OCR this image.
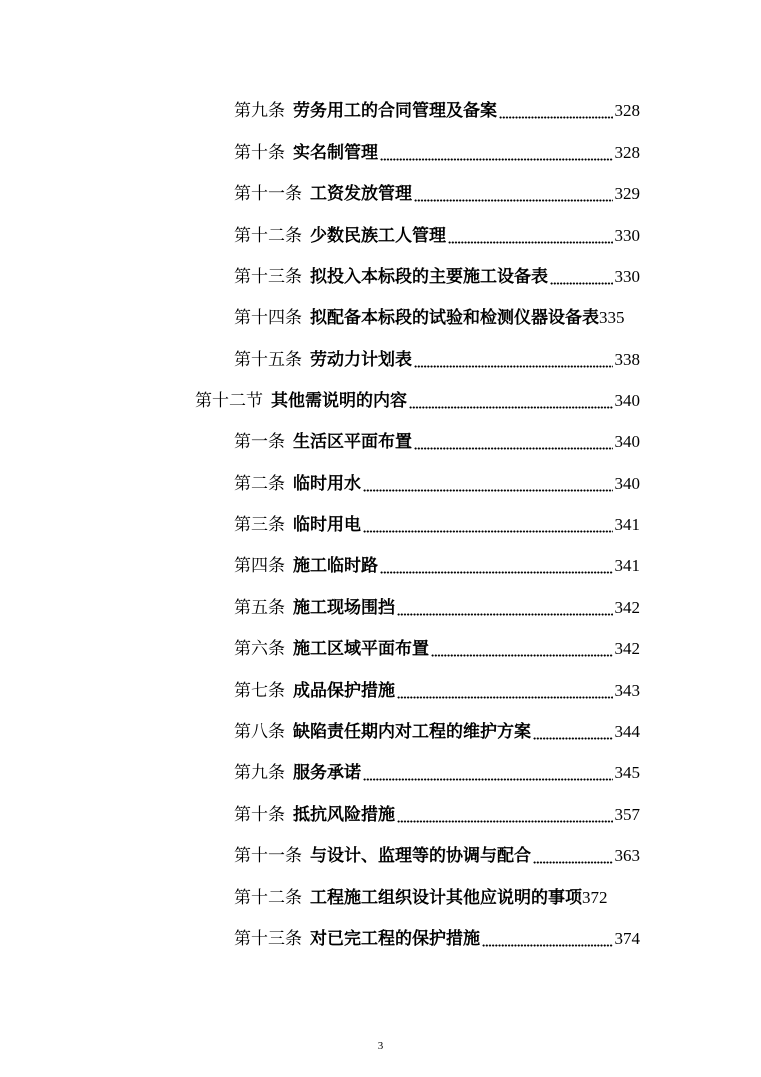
第九条 劳务用工的合同管理及备案	328
第十条 实名制管理	328
第十一条 工资发放管理	329
第十二条 少数民族工人管理	330
第十三条 拟投入本标段的主要施工设备表	330
第十四条 拟配备本标段的试验和检测仪器设备表 335
第十五条 劳动力计划表	338
第十二节 其他需说明的内容	340
第一条 生活区平面布置	340
第二条 临时用水	340
第三条 临时用电	341
第四条 施工临时路	341
第五条 施工现场围挡	342
第六条 施工区域平面布置	342
第七条 成品保护措施	343
第八条 缺陷责任期内对工程的维护方案	344
第九条 服务承诺	345
第十条 抵抗风险措施	357
第十一条 与设计、监理等的协调与配合	363
第十二条 工程施工组织设计其他应说明的事项 372
第十三条 对已完工程的保护措施	374
3
